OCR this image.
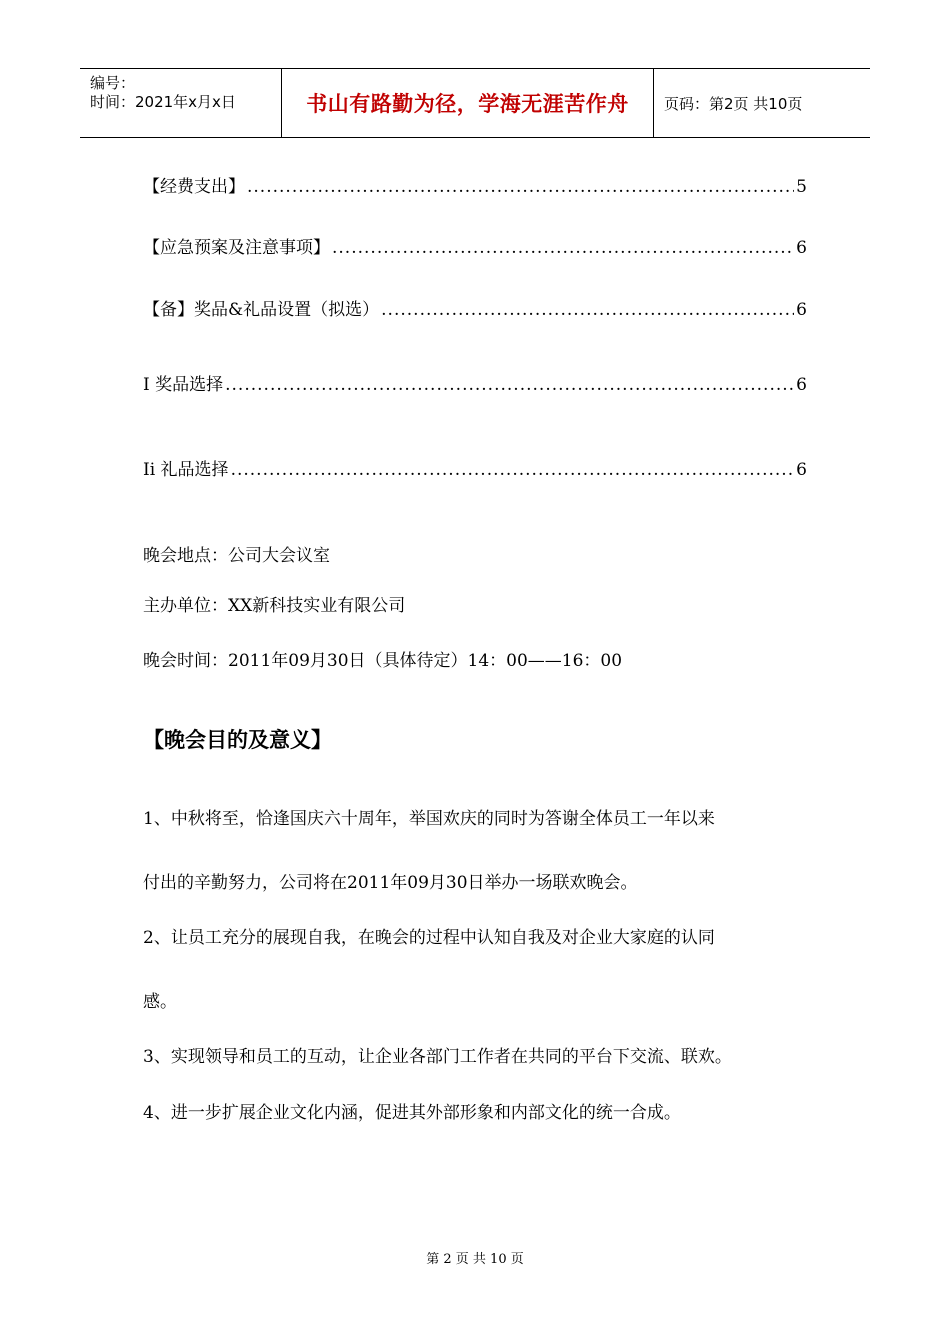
编号：
时间：2021年x月x日	书山有路勤为径，学海无涯苦作舟	页码：第2页 共10页
【经费支出】 .....	5
【应急预案及注意事项】 .....	6
【备】奖品&礼品设置（拟选） .....	6
I 奖品选择 .....	6
Ii 礼品选择 .....	6
晚会地点：公司大会议室
主办单位：XX新科技实业有限公司
晚会时间：2011年09月30日（具体待定）14：00——16：00
【晚会目的及意义】
1、中秋将至，恰逢国庆六十周年，举国欢庆的同时为答谢全体员工一年以来
付出的辛勤努力，公司将在2011年09月30日举办一场联欢晚会。
2、让员工充分的展现自我，在晚会的过程中认知自我及对企业大家庭的认同
感。
3、实现领导和员工的互动，让企业各部门工作者在共同的平台下交流、联欢。
4、进一步扩展企业文化内涵，促进其外部形象和内部文化的统一合成。
第 2 页 共 10 页
